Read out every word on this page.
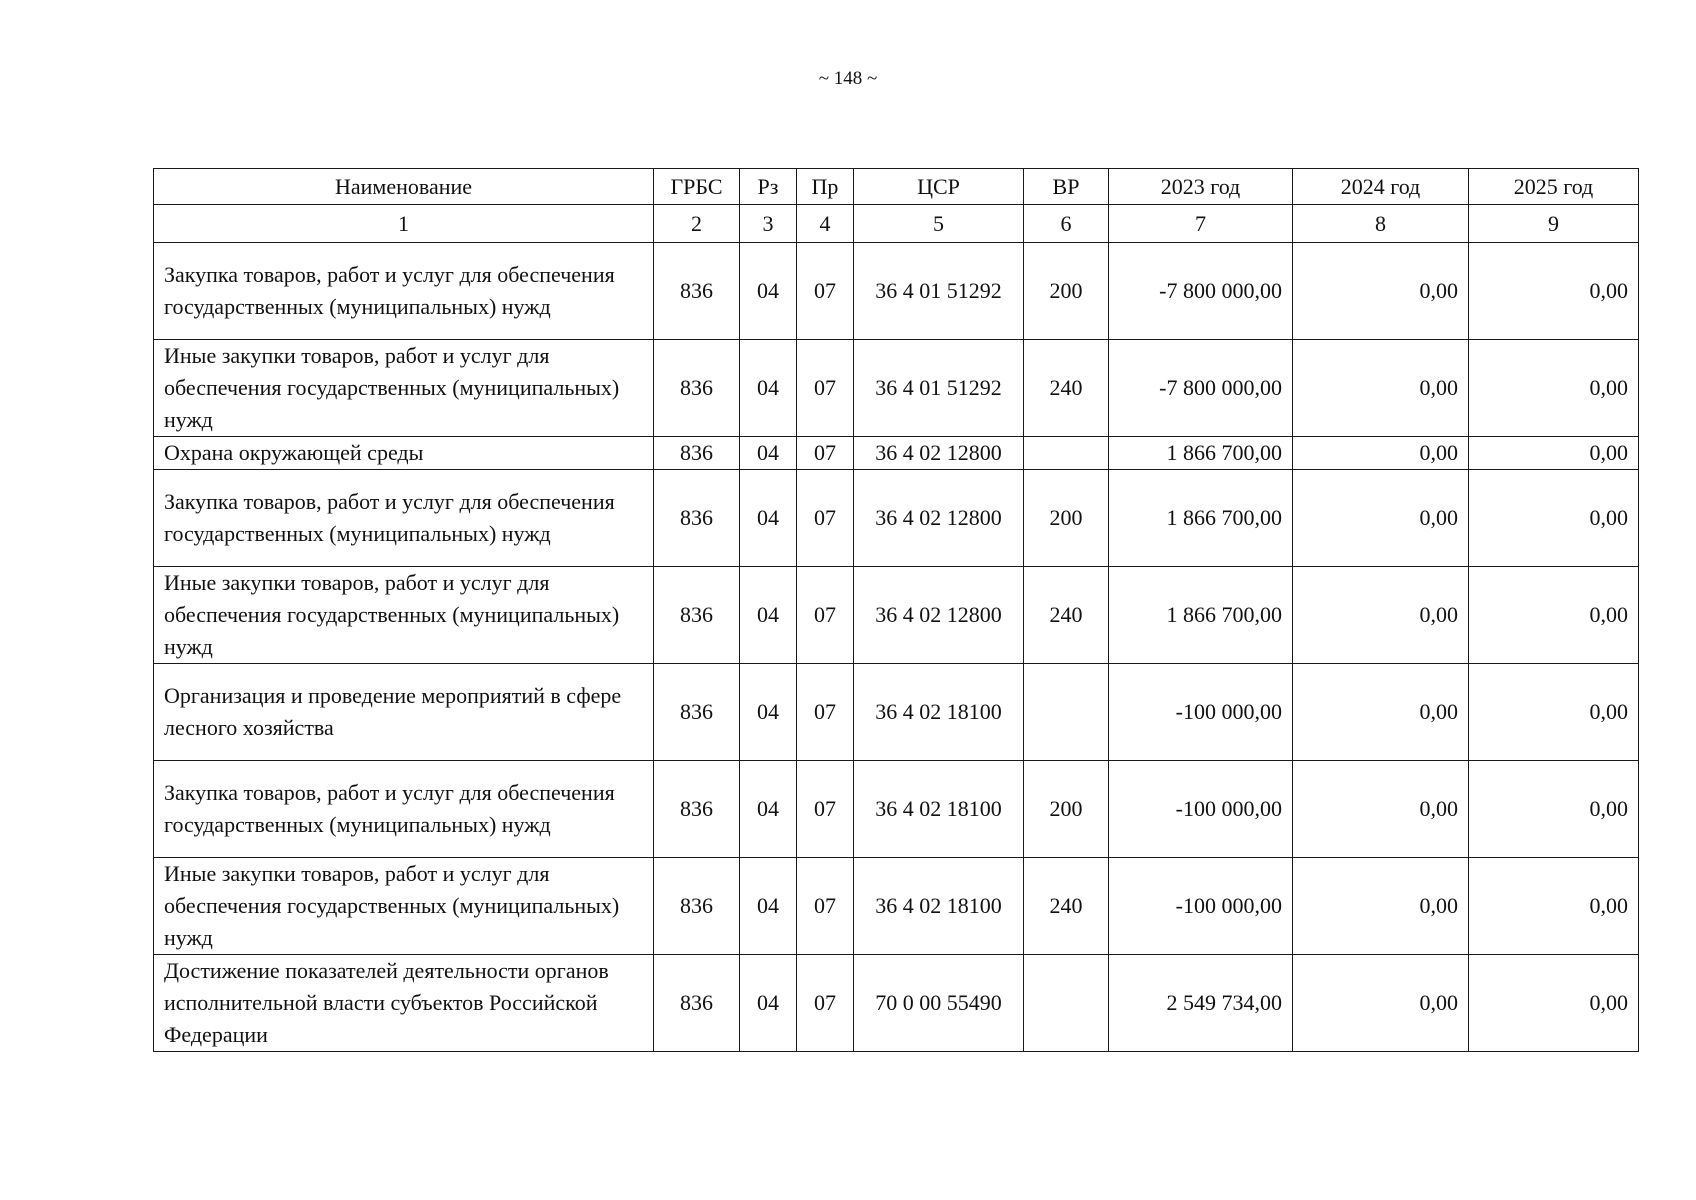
~ 148 ~
Наименование	ГРБС	Рз	Пр	ЦСР	ВР	2023 год	2024 год	2025 год
1	2	3	4	5	6	7	8	9
Закупка товаров, работ и услуг для обеспечения государственных (муниципальных) нужд	836	04	07	36 4 01 51292	200	-7 800 000,00	0,00	0,00
Иные закупки товаров, работ и услуг для обеспечения государственных (муниципальных) нужд	836	04	07	36 4 01 51292	240	-7 800 000,00	0,00	0,00
Охрана окружающей среды	836	04	07	36 4 02 12800		1 866 700,00	0,00	0,00
Закупка товаров, работ и услуг для обеспечения государственных (муниципальных) нужд	836	04	07	36 4 02 12800	200	1 866 700,00	0,00	0,00
Иные закупки товаров, работ и услуг для обеспечения государственных (муниципальных) нужд	836	04	07	36 4 02 12800	240	1 866 700,00	0,00	0,00
Организация и проведение мероприятий в сфере лесного хозяйства	836	04	07	36 4 02 18100		-100 000,00	0,00	0,00
Закупка товаров, работ и услуг для обеспечения государственных (муниципальных) нужд	836	04	07	36 4 02 18100	200	-100 000,00	0,00	0,00
Иные закупки товаров, работ и услуг для обеспечения государственных (муниципальных) нужд	836	04	07	36 4 02 18100	240	-100 000,00	0,00	0,00
Достижение показателей деятельности органов исполнительной власти субъектов Российской Федерации	836	04	07	70 0 00 55490		2 549 734,00	0,00	0,00
